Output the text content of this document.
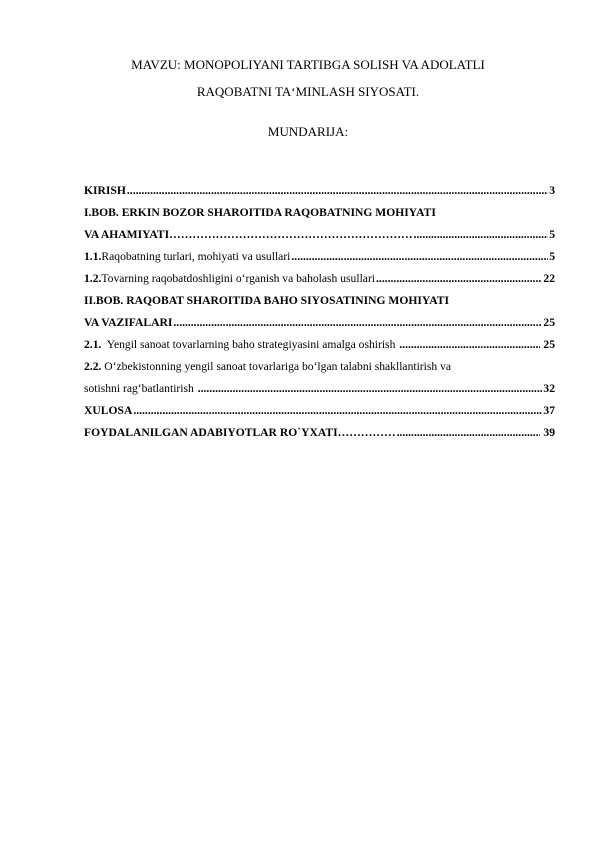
MAVZU: MONOPOLIYANI TARTIBGA SOLISH VA ADOLATLI
RAQOBATNI TA‘MINLASH SIYOSATI.
MUNDARIJA:
KIRISH .....	3
I.BOB. ERKIN BOZOR SHAROITIDA RAQOBATNING MOHIYATI
VA AHAMIYATI ……………………………………………………… .....	5
1.1. Raqobatning turlari, mohiyati va usullari .....	5
1.2. Tovarning raqobatdoshligini o‘rganish va baholash usullari .....	22
II.BOB. RAQOBAT SHAROITIDA BAHO SIYOSATINING MOHIYATI
VA VAZIFALARI .....	25
2.1. Yengil sanoat tovarlarning baho strategiyasini amalga oshirish .....	25
2.2. O‘zbekistonning yengil sanoat tovarlariga bo‘lgan talabni shakllantirish va
sotishni rag‘batlantirish .....	32
XULOSA .....	37
FOYDALANILGAN ADABIYOTLAR RO`YXATI …………… .....	39
